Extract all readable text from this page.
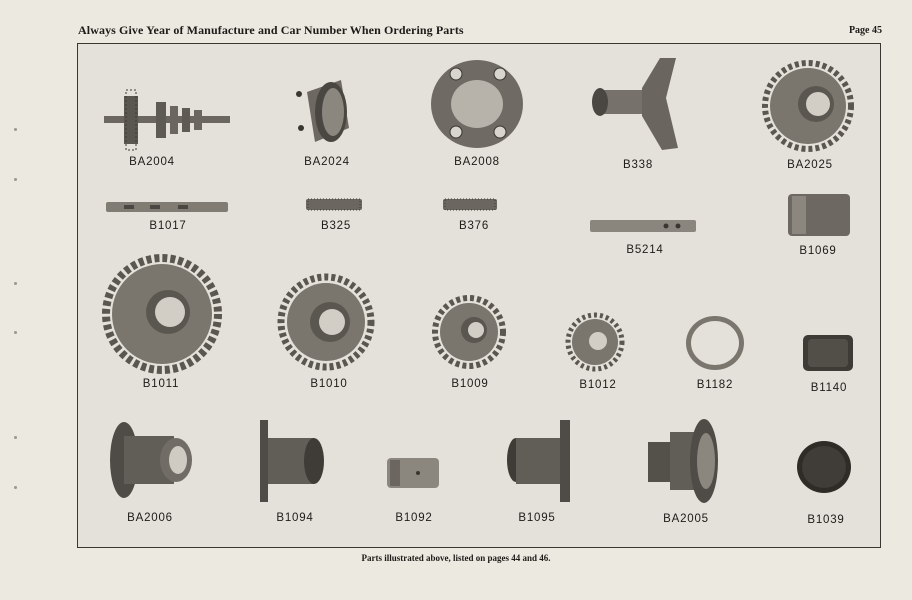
Always Give Year of Manufacture and Car Number When Ordering Parts	Page 45
BA2004	BA2024	BA2008	B338	BA2025
B1017	B325	B376
B5214	B1069
B1011	B1010	B1009	B1012	B1182	B1140
BA2006	B1094	B1092	B1095	BA2005	B1039
Parts illustrated above, listed on pages 44 and 46.
